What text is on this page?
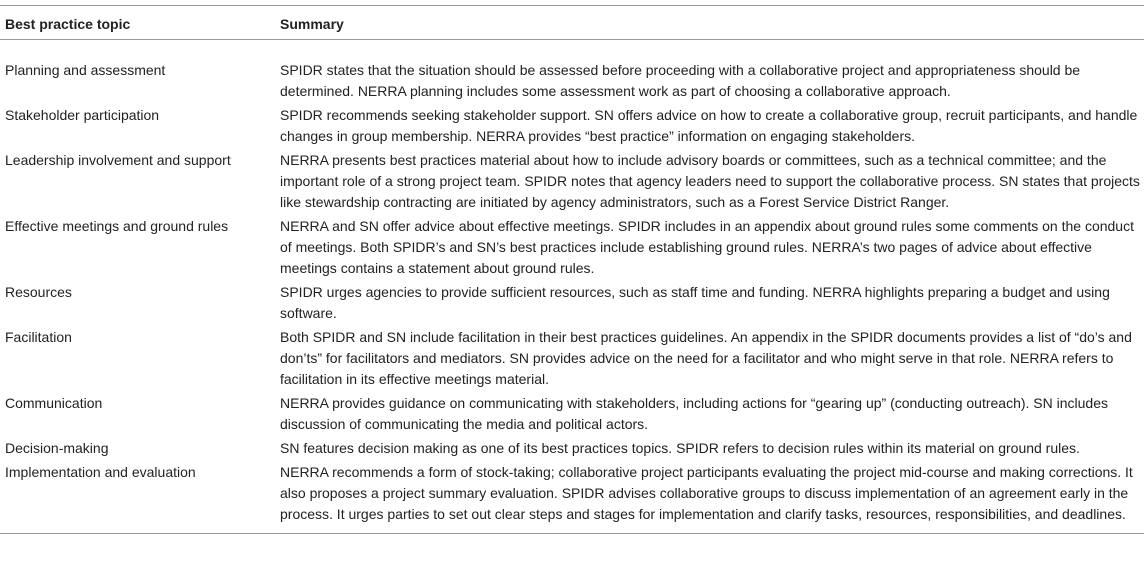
Best practice topic	Summary
Planning and assessment	SPIDR states that the situation should be assessed before proceeding with a collaborative project and appropriateness should be determined. NERRA planning includes some assessment work as part of choosing a collaborative approach.
Stakeholder participation	SPIDR recommends seeking stakeholder support. SN offers advice on how to create a collaborative group, recruit participants, and handle changes in group membership. NERRA provides “best practice” information on engaging stakeholders.
Leadership involvement and support	NERRA presents best practices material about how to include advisory boards or committees, such as a technical committee; and the important role of a strong project team. SPIDR notes that agency leaders need to support the collaborative process. SN states that projects like stewardship contracting are initiated by agency administrators, such as a Forest Service District Ranger.
Effective meetings and ground rules	NERRA and SN offer advice about effective meetings. SPIDR includes in an appendix about ground rules some comments on the conduct of meetings. Both SPIDR’s and SN’s best practices include establishing ground rules. NERRA’s two pages of advice about effective meetings contains a statement about ground rules.
Resources	SPIDR urges agencies to provide sufficient resources, such as staff time and funding. NERRA highlights preparing a budget and using software.
Facilitation	Both SPIDR and SN include facilitation in their best practices guidelines. An appendix in the SPIDR documents provides a list of “do’s and don’ts” for facilitators and mediators. SN provides advice on the need for a facilitator and who might serve in that role. NERRA refers to facilitation in its effective meetings material.
Communication	NERRA provides guidance on communicating with stakeholders, including actions for “gearing up” (conducting outreach). SN includes discussion of communicating the media and political actors.
Decision-making	SN features decision making as one of its best practices topics. SPIDR refers to decision rules within its material on ground rules.
Implementation and evaluation	NERRA recommends a form of stock-taking; collaborative project participants evaluating the project mid-course and making corrections. It also proposes a project summary evaluation. SPIDR advises collaborative groups to discuss implementation of an agreement early in the process. It urges parties to set out clear steps and stages for implementation and clarify tasks, resources, responsibilities, and deadlines.
